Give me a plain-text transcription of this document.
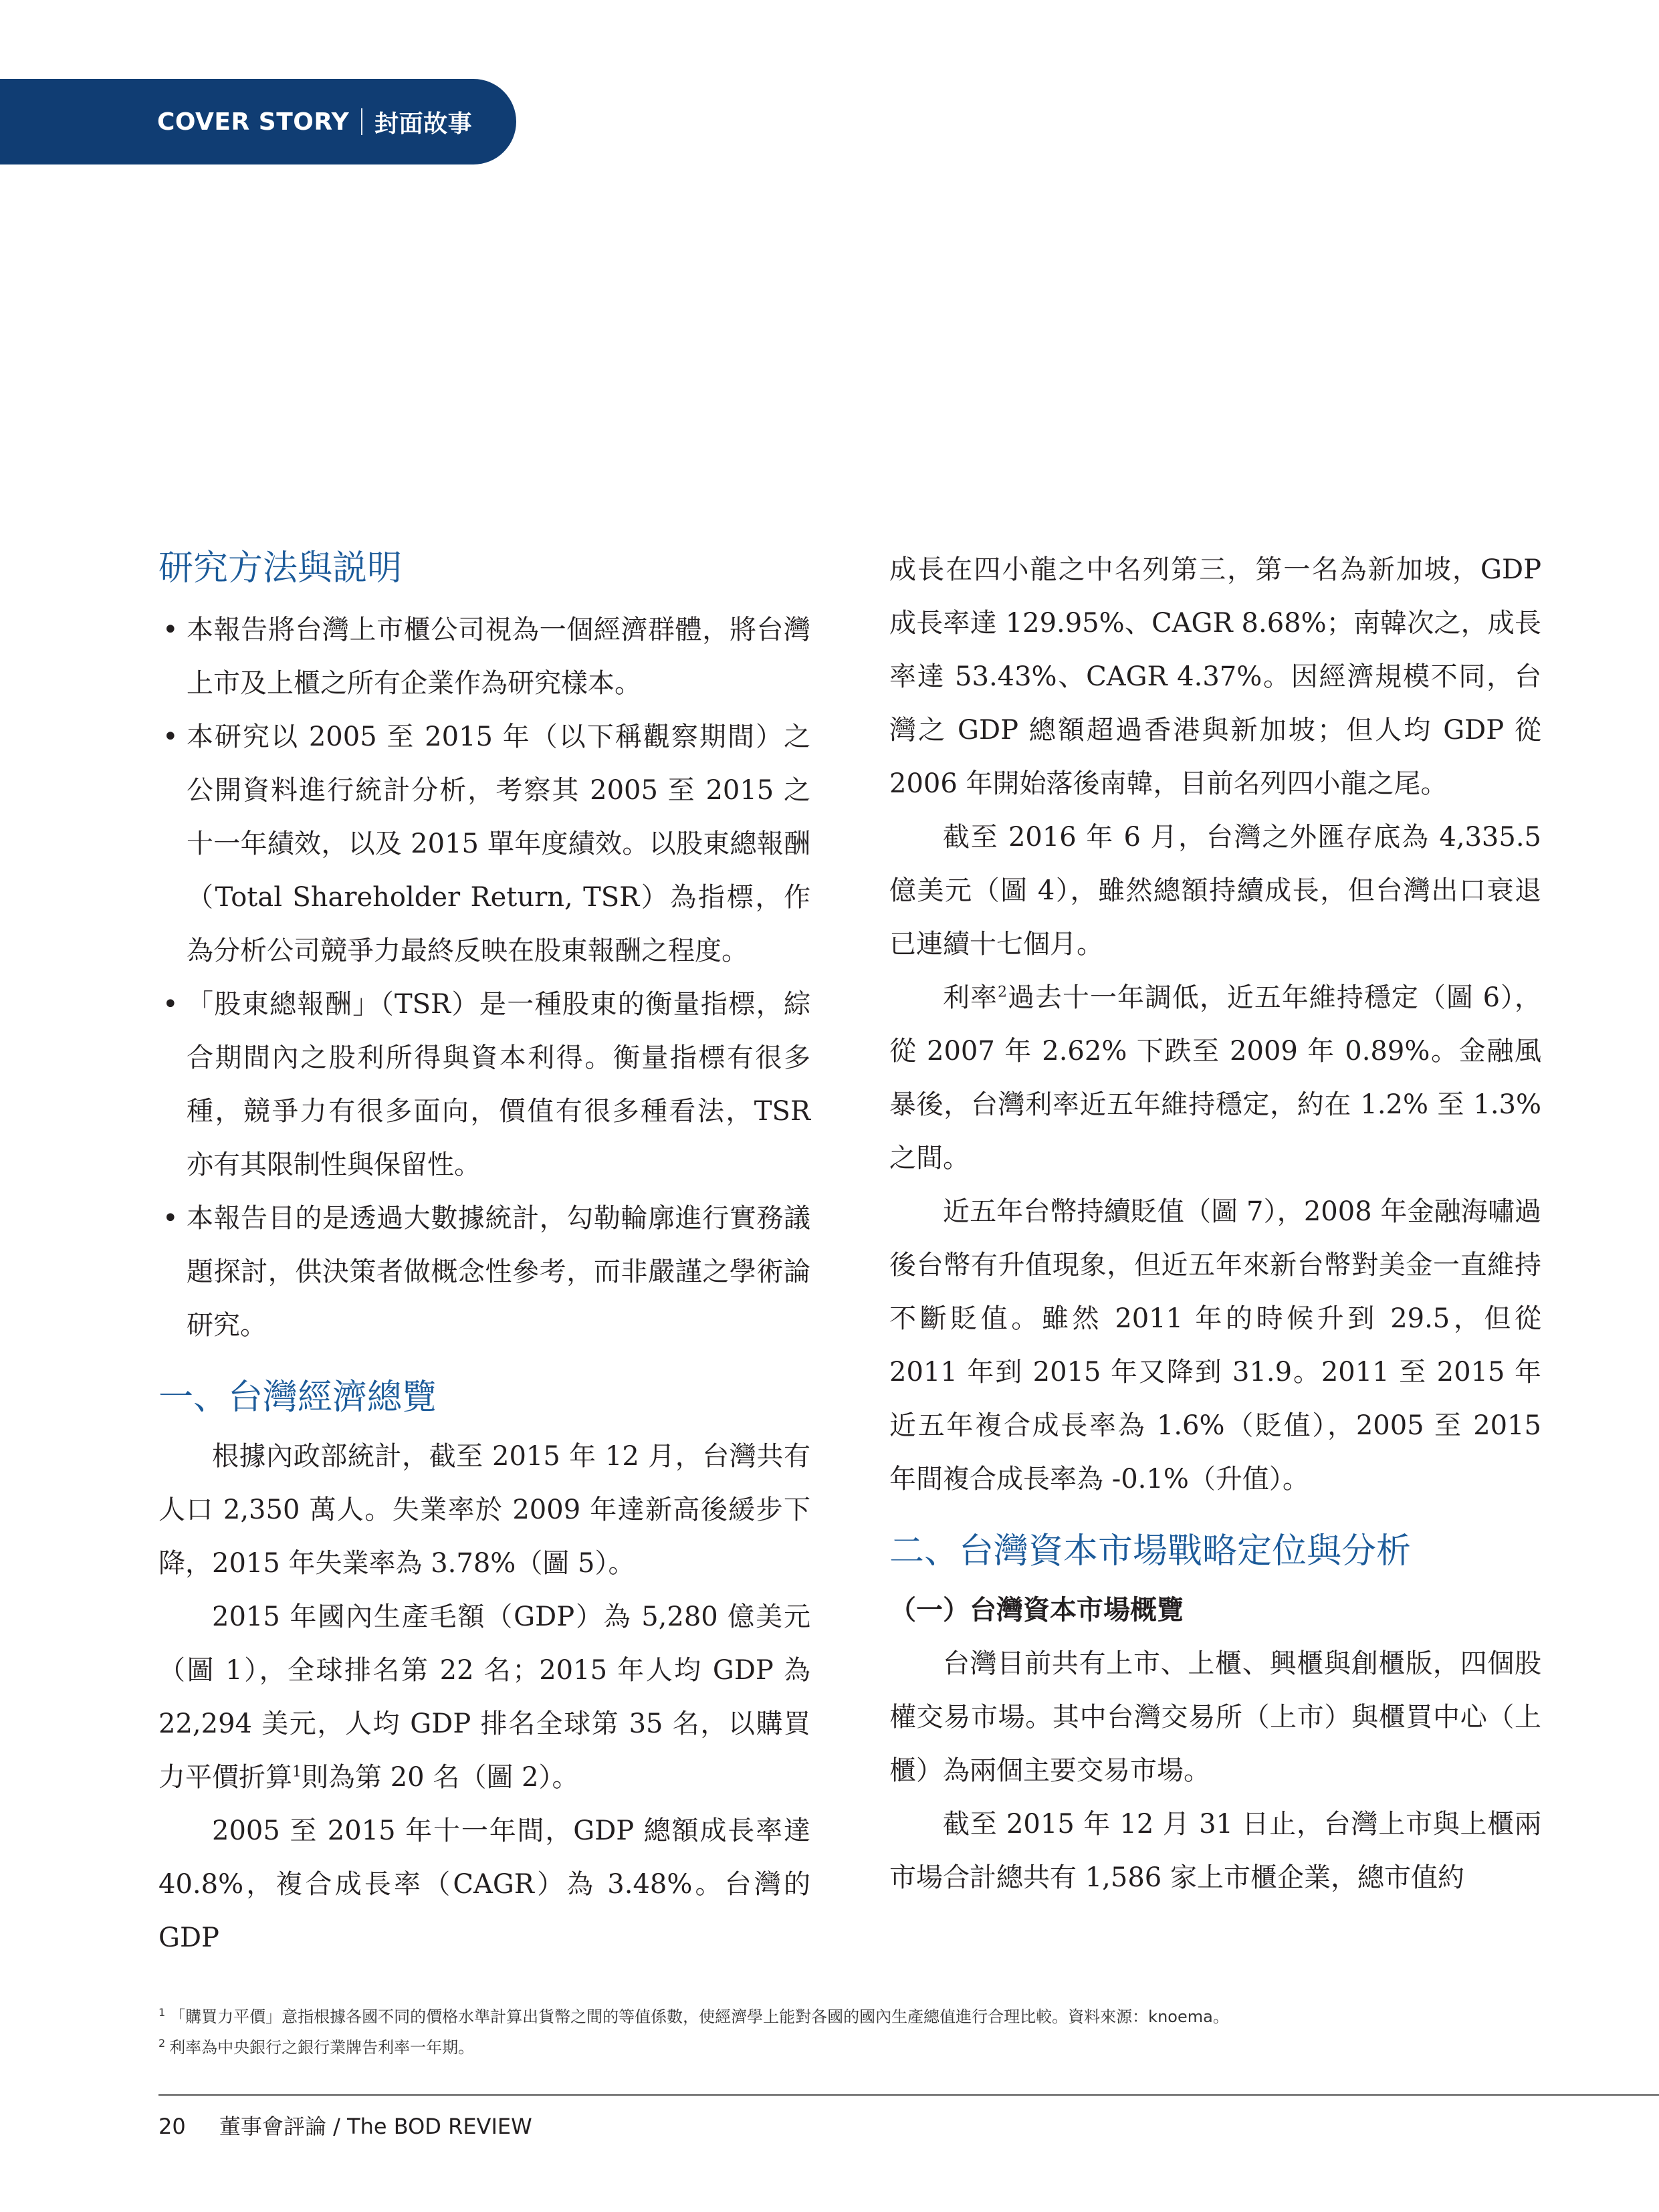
COVER STORY 封面故事
研究方法與説明
• 本報告將台灣上市櫃公司視為一個經濟群體，將台灣上市及上櫃之所有企業作為研究樣本。
• 本研究以 2005 至 2015 年（以下稱觀察期間）之公開資料進行統計分析，考察其 2005 至 2015 之十一年績效，以及 2015 單年度績效。以股東總報酬（Total Shareholder Return, TSR）為指標，作為分析公司競爭力最終反映在股東報酬之程度。
• 「股東總報酬」（TSR）是一種股東的衡量指標，綜合期間內之股利所得與資本利得。衡量指標有很多種，競爭力有很多面向，價值有很多種看法，TSR 亦有其限制性與保留性。
• 本報告目的是透過大數據統計，勾勒輪廓進行實務議題探討，供決策者做概念性參考，而非嚴謹之學術論研究。
一、台灣經濟總覽

根據內政部統計，截至 2015 年 12 月，台灣共有人口 2,350 萬人。失業率於 2009 年達新高後緩步下降，2015 年失業率為 3.78%（圖 5）。

2015 年國內生產毛額（GDP）為 5,280 億美元（圖 1），全球排名第 22 名；2015 年人均 GDP 為 22,294 美元，人均 GDP 排名全球第 35 名，以購買力平價折算$^1$則為第 20 名（圖 2）。

2005 至 2015 年十一年間，GDP 總額成長率達 40.8%，複合成長率（CAGR）為 3.48%。台灣的 GDP

成長在四小龍之中名列第三，第一名為新加坡，GDP 成長率達 129.95%、CAGR 8.68%；南韓次之，成長率達 53.43%、CAGR 4.37%。因經濟規模不同，台灣之 GDP 總額超過香港與新加坡；但人均 GDP 從 2006 年開始落後南韓，目前名列四小龍之尾。

截至 2016 年 6 月，台灣之外匯存底為 4,335.5 億美元（圖 4），雖然總額持續成長，但台灣出口衰退已連續十七個月。

利率$^2$過去十一年調低，近五年維持穩定（圖 6），從 2007 年 2.62% 下跌至 2009 年 0.89%。金融風暴後，台灣利率近五年維持穩定，約在 1.2% 至 1.3% 之間。

近五年台幣持續貶值（圖 7），2008 年金融海嘯過後台幣有升值現象，但近五年來新台幣對美金一直維持不斷貶值。雖然 2011 年的時候升到 29.5，但從 2011 年到 2015 年又降到 31.9。2011 至 2015 年近五年複合成長率為 1.6%（貶值），2005 至 2015 年間複合成長率為 -0.1%（升值）。

二、台灣資本市場戰略定位與分析
（一）台灣資本市場概覽

台灣目前共有上市、上櫃、興櫃與創櫃版，四個股權交易市場。其中台灣交易所（上市）與櫃買中心（上櫃）為兩個主要交易市場。

截至 2015 年 12 月 31 日止，台灣上市與上櫃兩市場合計總共有 1,586 家上市櫃企業，總市值約

$^1$ 「購買力平價」意指根據各國不同的價格水準計算出貨幣之間的等值係數，使經濟學上能對各國的國內生產總值進行合理比較。資料來源：knoema。
$^2$ 利率為中央銀行之銀行業牌告利率一年期。
20 董事會評論 / The BOD REVIEW
